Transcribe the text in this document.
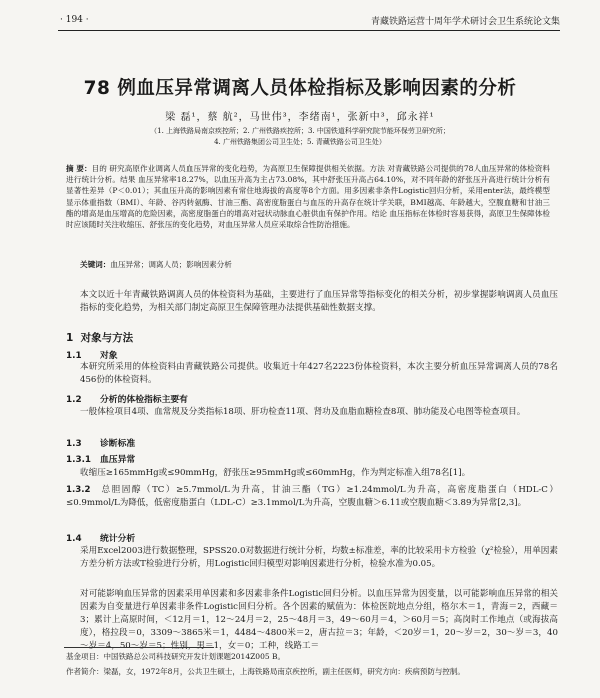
· 194 ·	青藏铁路运营十周年学术研讨会卫生系统论文集
78 例血压异常调离人员体检指标及影响因素的分析
梁 磊¹，蔡 航²，马世伟³，李绪南¹，张新中³，邱永祥¹
（1. 上海铁路局南京疾控所；2. 广州铁路疾控所；3. 中国铁道科学研究院节能环保劳卫研究所；
4. 广州铁路集团公司卫生处；5. 青藏铁路公司卫生处）
摘 要：目的 研究高原作业调离人员血压异常的变化趋势，为高原卫生保障提供相关依据。方法 对青藏铁路公司提供的78人血压异常的体检资料进行统计分析。结果 血压异常率18.27%，以血压升高为主占73.08%，其中舒张压升高占64.10%，对不同年龄的舒张压升高进行统计分析有显著性差异（P＜0.01）；其血压升高的影响因素有常住地海拔的高度等8个方面。用多因素非条件Logistic回归分析，采用enter法，最终模型显示体重指数（BMI）、年龄、谷丙转氨酶、甘油三酯、高密度脂蛋白与血压的升高存在统计学关联，BMI越高、年龄越大，空腹血糖和甘油三酯的增高是血压增高的危险因素，高密度脂蛋白的增高对冠状动脉血心脏供血有保护作用。结论 血压指标在体检时容易获得，高原卫生保障体检时应该随时关注收缩压、舒张压的变化趋势，对血压异常人员应采取综合性防治措施。
关键词：血压异常；调离人员；影响因素分析
本文以近十年青藏铁路调离人员的体检资料为基础，主要进行了血压异常等指标变化的相关分析，初步掌握影响调离人员血压指标的变化趋势，为相关部门制定高原卫生保障管理办法提供基础性数据支撑。
1 对象与方法
1.1 对象
本研究所采用的体检资料由青藏铁路公司提供。收集近十年427名2223份体检资料，本次主要分析血压异常调离人员的78名456份的体检资料。
1.2 分析的体检指标主要有
一般体检项目4项、血常规及分类指标18项、肝功检查11项、肾功及血脂血糖检查8项、肺功能及心电图等检查项目。
1.3 诊断标准
1.3.1 血压异常
收缩压≥165mmHg或≤90mmHg，舒张压≥95mmHg或≤60mmHg，作为判定标准入组78名[1]。
1.3.2 总胆固醇（TC）≥5.7mmol/L为升高，甘油三酯（TG）≥1.24mmol/L为升高，高密度脂蛋白（HDL-C）≤0.9mmol/L为降低，低密度脂蛋白（LDL-C）≥3.1mmol/L为升高，空腹血糖＞6.11或空腹血糖＜3.89为异常[2,3]。
1.4 统计分析
采用Excel2003进行数据整理，SPSS20.0对数据进行统计分析，均数±标准差，率的比较采用卡方检验（χ²检验），用单因素方差分析方法或T检验进行分析，用Logistic回归模型对影响因素进行分析，检验水准为0.05。
对可能影响血压异常的因素采用单因素和多因素非条件Logistic回归分析。以血压异常为因变量，以可能影响血压异常的相关因素为自变量进行单因素非条件Logistic回归分析。各个因素的赋值为：体检医院地点分组，格尔木＝1，青海＝2，西藏＝3；累计上高原时间，＜12月＝1，12～24月＝2，25～48月＝3，49～60月＝4，＞60月＝5；高岗时工作地点（或海拔高度），格拉段＝0，3309～3865米＝1，4484～4800米＝2，唐古拉＝3；年龄，＜20岁＝1，20～岁＝2，30～岁＝3，40～岁＝4，50～岁＝5；性别，男＝1，女＝0；工种，线路工＝
基金项目：中国铁路总公司科技研究开发计划课题2014Z005 B。
作者简介：梁磊，女，1972年8月，公共卫生硕士，上海铁路局南京疾控所，副主任医师，研究方向：疾病预防与控制。
